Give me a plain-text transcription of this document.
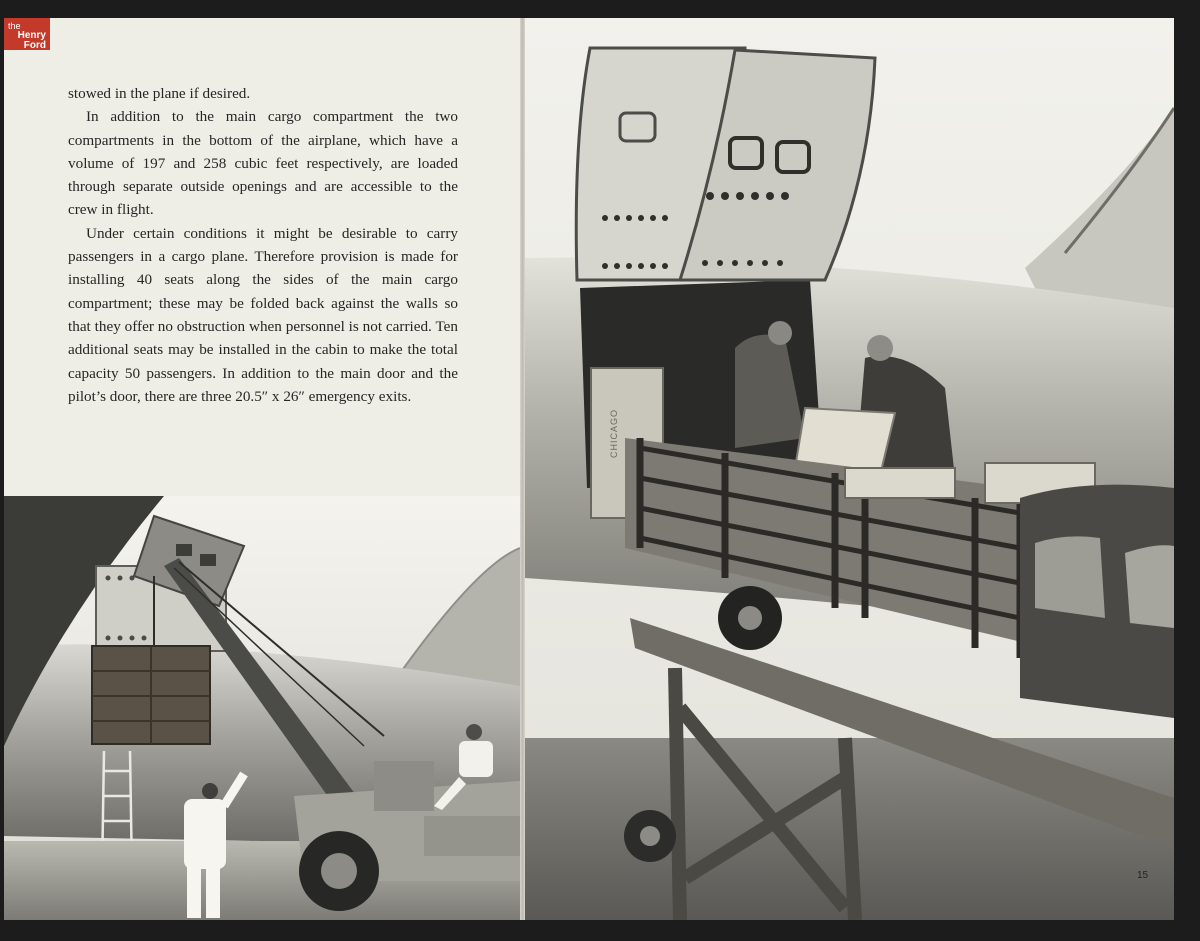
stowed in the plane if desired.

In addition to the main cargo compartment the two compartments in the bottom of the airplane, which have a volume of 197 and 258 cubic feet respectively, are loaded through separate outside openings and are accessible to the crew in flight.

Under certain conditions it might be desirable to carry passengers in a cargo plane. Therefore provision is made for installing 40 seats along the sides of the main cargo compartment; these may be folded back against the walls so that they offer no obstruction when personnel is not carried. Ten additional seats may be installed in the cabin to make the total capacity 50 passengers. In addition to the main door and the pilot’s door, there are three 20.5″ x 26″ emergency exits.

CHICAGO
15
the
Henry
Ford
